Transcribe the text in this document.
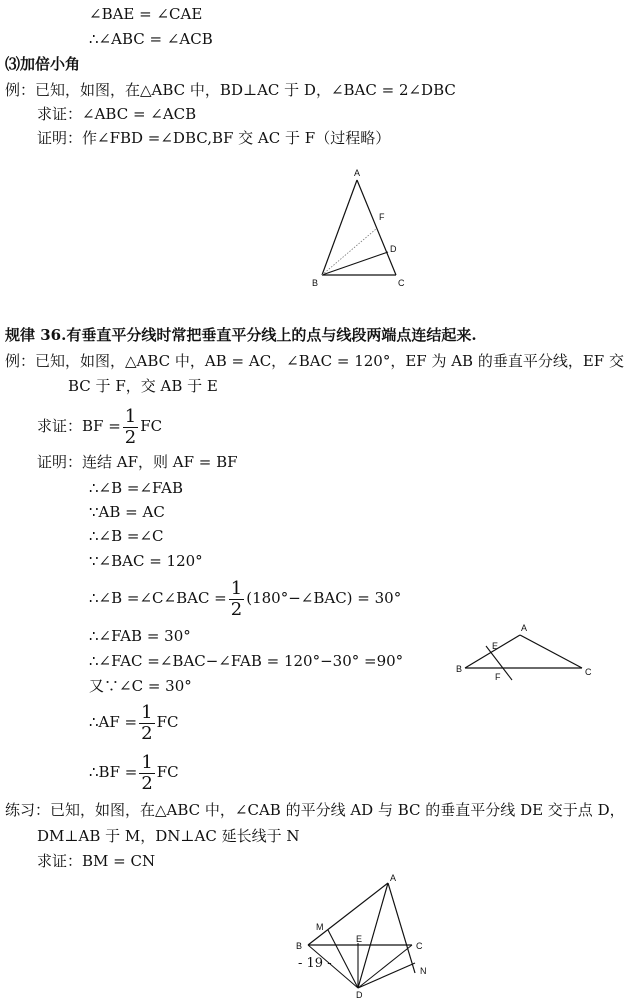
∠BAE = ∠CAE
∴∠ABC = ∠ACB
⑶加倍小角
例：已知，如图，在△ABC 中，BD⊥AC 于 D，∠BAC = 2∠DBC
求证：∠ABC = ∠ACB
证明：作∠FBD =∠DBC,BF 交 AC 于 F（过程略）
A
B	C
D
F
规律 36.有垂直平分线时常把垂直平分线上的点与线段两端点连结起来.
例：已知，如图，△ABC 中，AB = AC，∠BAC = 120°，EF 为 AB 的垂直平分线，EF 交
BC 于 F，交 AB 于 E
求证：BF = $\frac{1}{2}$ FC
证明：连结 AF，则 AF = BF
∴∠B =∠FAB
∵AB = AC
∴∠B =∠C
∵∠BAC = 120°
∴∠B =∠C∠BAC = $\frac{1}{2}$ (180°−∠BAC) = 30°
∴∠FAB = 30°
∴∠FAC =∠BAC−∠FAB = 120°−30° =90°
又∵∠C = 30°
∴AF = $\frac{1}{2}$ FC
∴BF = $\frac{1}{2}$ FC
A
B	C
E
F
练习：已知，如图，在△ABC 中，∠CAB 的平分线 AD 与 BC 的垂直平分线 DE 交于点 D，
DM⊥AB 于 M，DN⊥AC 延长线于 N
求证：BM = CN
A
B	C
D
E
M
N
- 19 -
